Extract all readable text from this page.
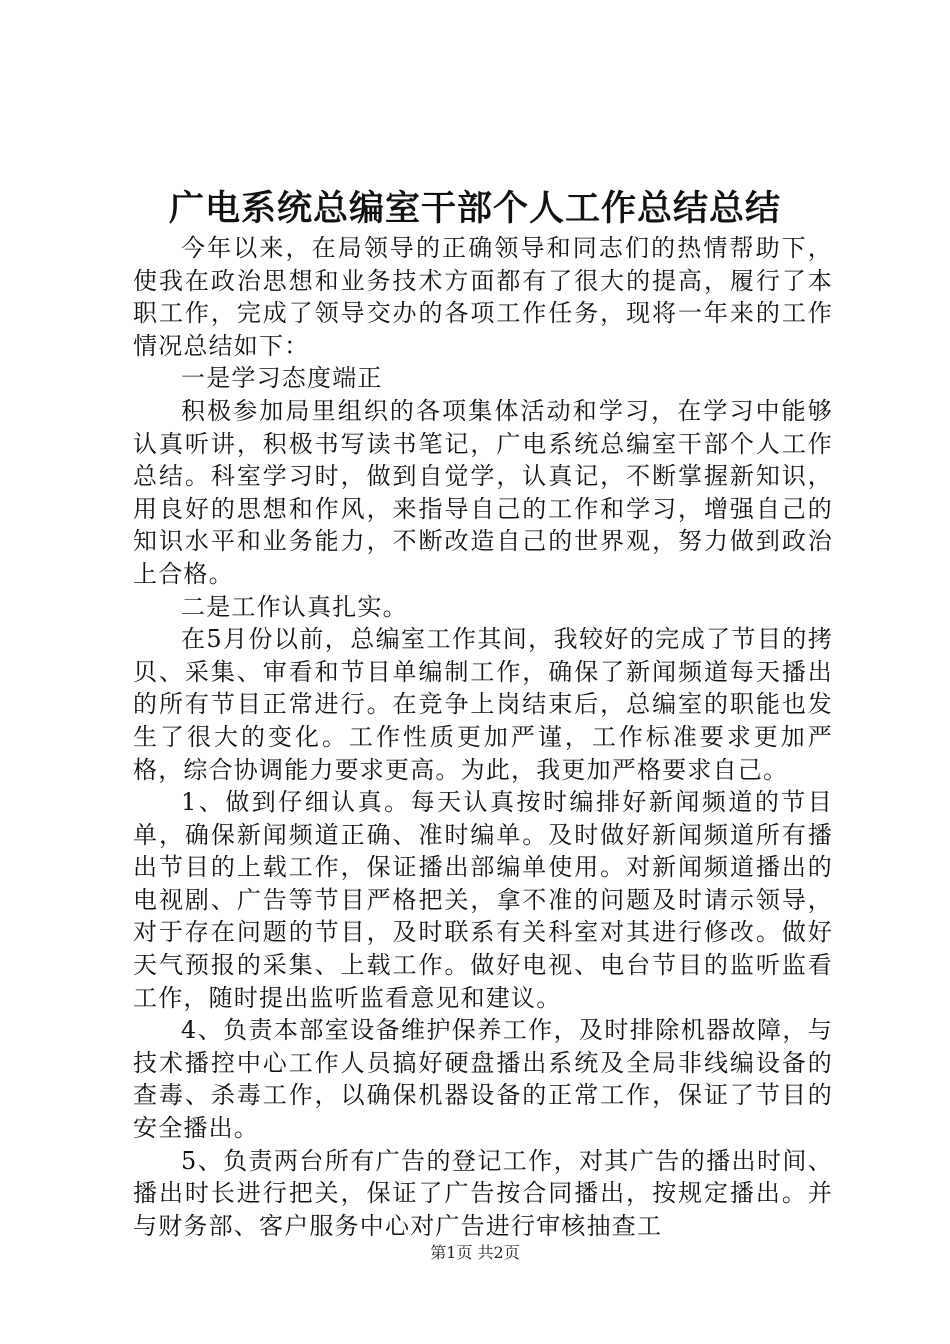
广电系统总编室干部个人工作总结总结

今年以来，在局领导的正确领导和同志们的热情帮助下，使我在政治思想和业务技术方面都有了很大的提高，履行了本职工作，完成了领导交办的各项工作任务，现将一年来的工作情况总结如下：

一是学习态度端正

积极参加局里组织的各项集体活动和学习，在学习中能够认真听讲，积极书写读书笔记，广电系统总编室干部个人工作总结。科室学习时，做到自觉学，认真记，不断掌握新知识，用良好的思想和作风，来指导自己的工作和学习，增强自己的知识水平和业务能力，不断改造自己的世界观，努力做到政治上合格。

二是工作认真扎实。

在5月份以前，总编室工作其间，我较好的完成了节目的拷贝、采集、审看和节目单编制工作，确保了新闻频道每天播出的所有节目正常进行。在竞争上岗结束后，总编室的职能也发生了很大的变化。工作性质更加严谨，工作标准要求更加严格，综合协调能力要求更高。为此，我更加严格要求自己。

1、做到仔细认真。每天认真按时编排好新闻频道的节目单，确保新闻频道正确、准时编单。及时做好新闻频道所有播出节目的上载工作，保证播出部编单使用。对新闻频道播出的电视剧、广告等节目严格把关，拿不准的问题及时请示领导，对于存在问题的节目，及时联系有关科室对其进行修改。做好天气预报的采集、上载工作。做好电视、电台节目的监听监看工作，随时提出监听监看意见和建议。

4、负责本部室设备维护保养工作，及时排除机器故障，与技术播控中心工作人员搞好硬盘播出系统及全局非线编设备的查毒、杀毒工作，以确保机器设备的正常工作，保证了节目的安全播出。

5、负责两台所有广告的登记工作，对其广告的播出时间、播出时长进行把关，保证了广告按合同播出，按规定播出。并与财务部、客户服务中心对广告进行审核抽查工

第1页 共2页
